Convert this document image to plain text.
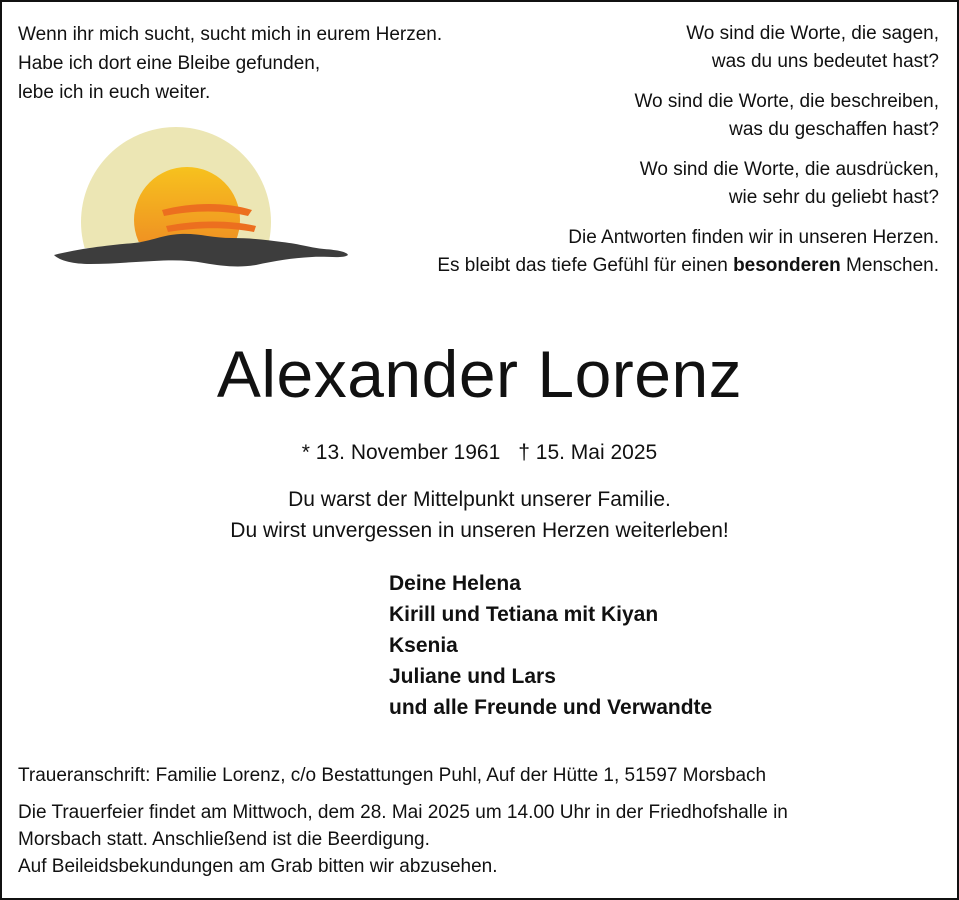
Wenn ihr mich sucht, sucht mich in eurem Herzen.
Habe ich dort eine Bleibe gefunden,
lebe ich in euch weiter.
Wo sind die Worte, die sagen,
was du uns bedeutet hast?
Wo sind die Worte, die beschreiben,
was du geschaffen hast?
Wo sind die Worte, die ausdrücken,
wie sehr du geliebt hast?
Die Antworten finden wir in unseren Herzen.
Es bleibt das tiefe Gefühl für einen besonderen Menschen.
Alexander Lorenz
* 13. November 1961 † 15. Mai 2025
Du warst der Mittelpunkt unserer Familie.
Du wirst unvergessen in unseren Herzen weiterleben!
Deine Helena
Kirill und Tetiana mit Kiyan
Ksenia
Juliane und Lars
und alle Freunde und Verwandte
Traueranschrift: Familie Lorenz, c/o Bestattungen Puhl, Auf der Hütte 1, 51597 Morsbach
Die Trauerfeier findet am Mittwoch, dem 28. Mai 2025 um 14.00 Uhr in der Friedhofshalle in
Morsbach statt. Anschließend ist die Beerdigung.
Auf Beileidsbekundungen am Grab bitten wir abzusehen.
